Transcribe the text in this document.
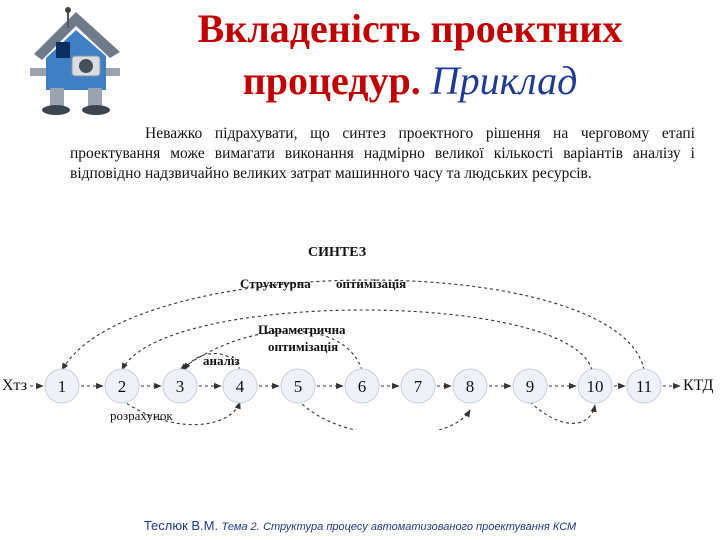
Вкладеність проектних
процедур. Приклад
Неважко підрахувати, що синтез проектного рішення на черговому етапі проектування може вимагати виконання надмірно великої кількості варіантів аналізу і відповідно надзвичайно великих затрат машинного часу та людських ресурсів.
Xтз	КТД
1	2	3	4	5	6	7	8	9	10 11
СИНТЕЗ
Структурна оптимізація
Параметрична
оптимізація
аналіз
розрахунок
Теслюк В.М. Тема 2. Структура процесу автоматизованого проектування КСМ
